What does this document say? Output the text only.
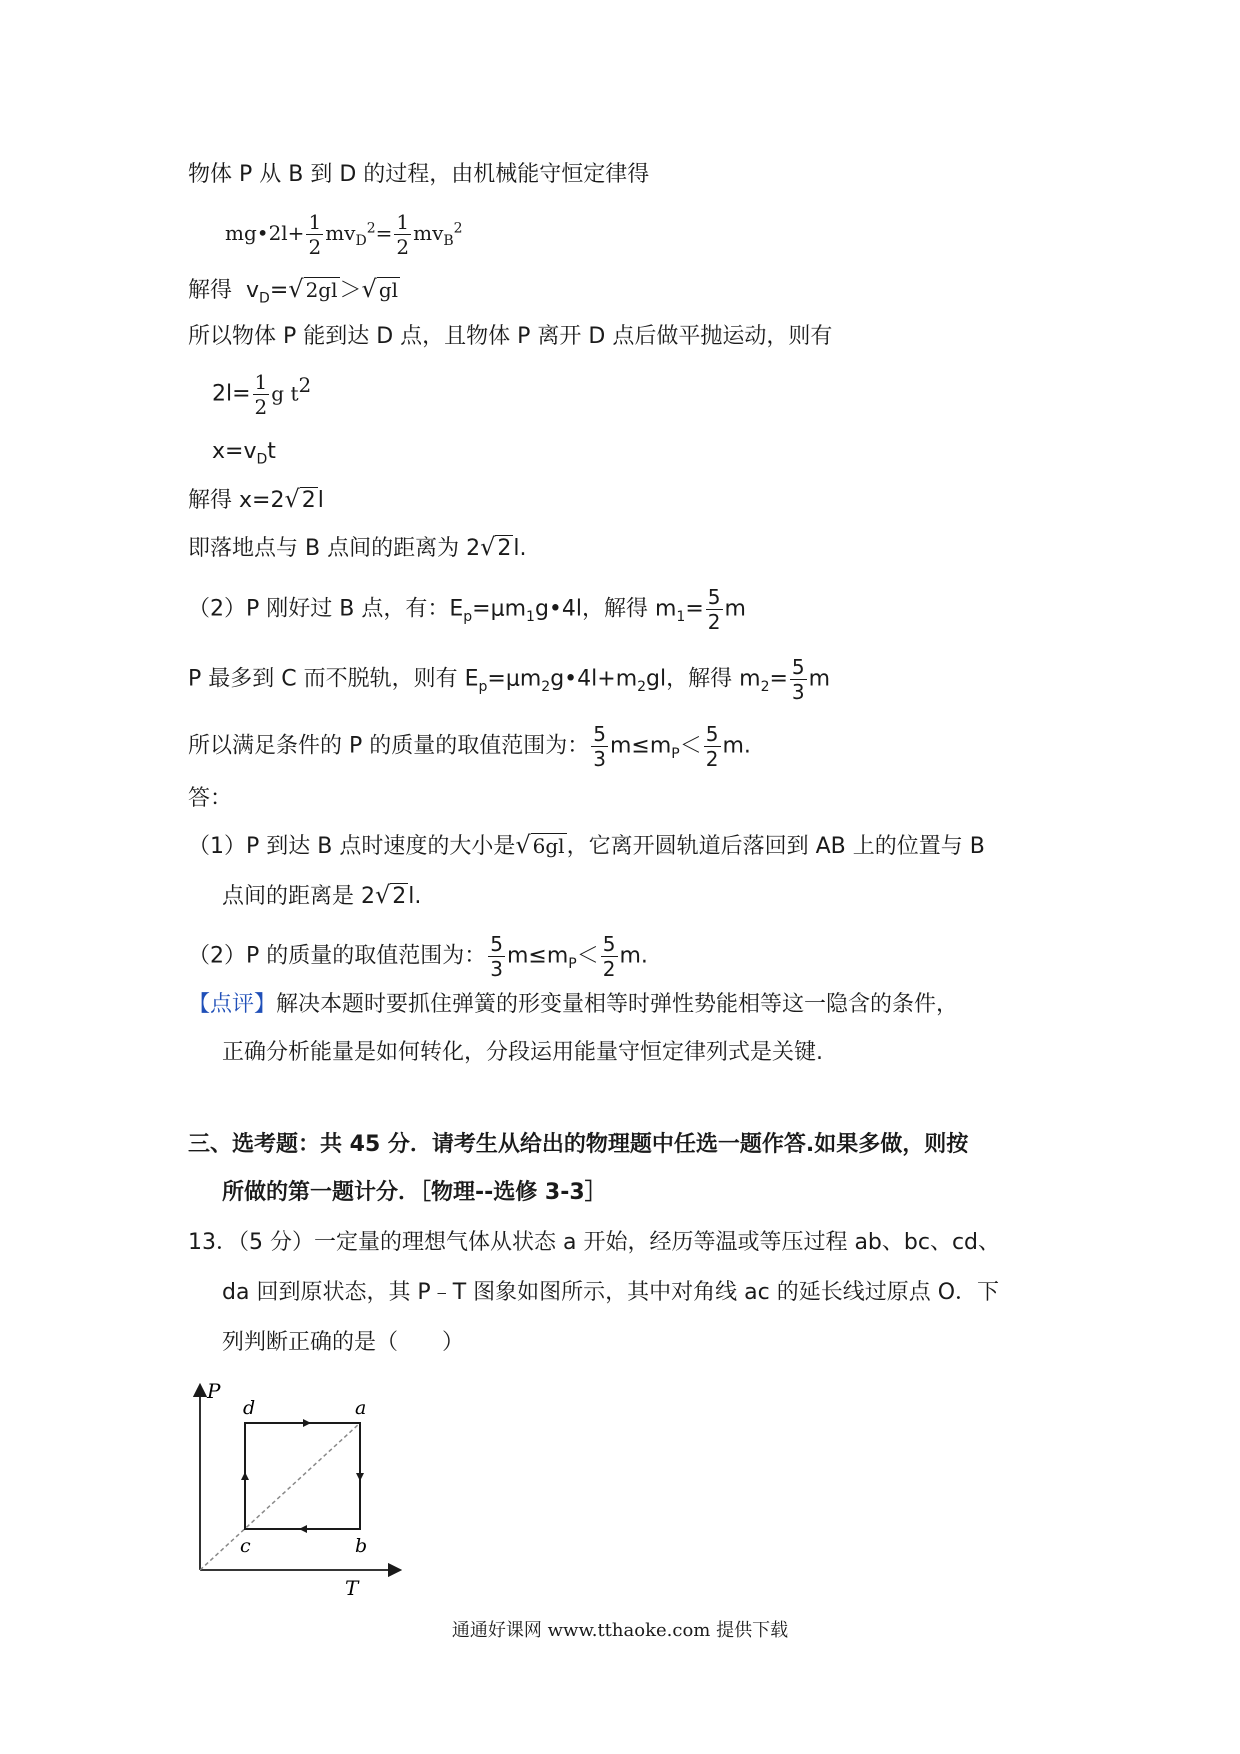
物体 P 从 B 到 D 的过程，由机械能守恒定律得
mg•2l+ $\frac{1}{2} mv_D^2= \frac{1}{2} mv_B^2$
解得 $v_D=√$ 2gl＞√ gl
所以物体 P 能到达 D 点，且物体 P 离开 D 点后做平抛运动，则有
$2l= \frac{1}{2}$ g $t^2$
$x=v_Dt$
解得 x=2√2l
即落地点与 B 点间的距离为 2√2l.
（2）P 刚好过 B 点，有：$E_p=\mu m_1g•4l$，解得 $m_1= \frac{5}{2}$ m
P 最多到 C 而不脱轨，则有 $E_p=\mu m_2g•4l+m_2gl$，解得 $m_2= \frac{5}{3}$ m
所以满足条件的 P 的质量的取值范围为： $\frac{5}{3} m\le m_P< \frac{5}{2} m$.
答：
（1）P 到达 B 点时速度的大小是√ 6gl，它离开圆轨道后落回到 AB 上的位置与 B
点间的距离是 2√2l.
（2）P 的质量的取值范围为： $\frac{5}{3} m\le m_P< \frac{5}{2} m$.
【点评】解决本题时要抓住弹簧的形变量相等时弹性势能相等这一隐含的条件，
正确分析能量是如何转化，分段运用能量守恒定律列式是关键.
三、选考题：共 45 分．请考生从给出的物理题中任选一题作答.如果多做，则按
所做的第一题计分．［物理--选修 3-3］
13．（5 分）一定量的理想气体从状态 a 开始，经历等温或等压过程 ab、bc、cd、
da 回到原状态，其 P﹣T 图象如图所示，其中对角线 ac 的延长线过原点 O．下
列判断正确的是（　　）
P
T
a
b
c
d
通通好课网 www.tthaoke.com 提供下载
